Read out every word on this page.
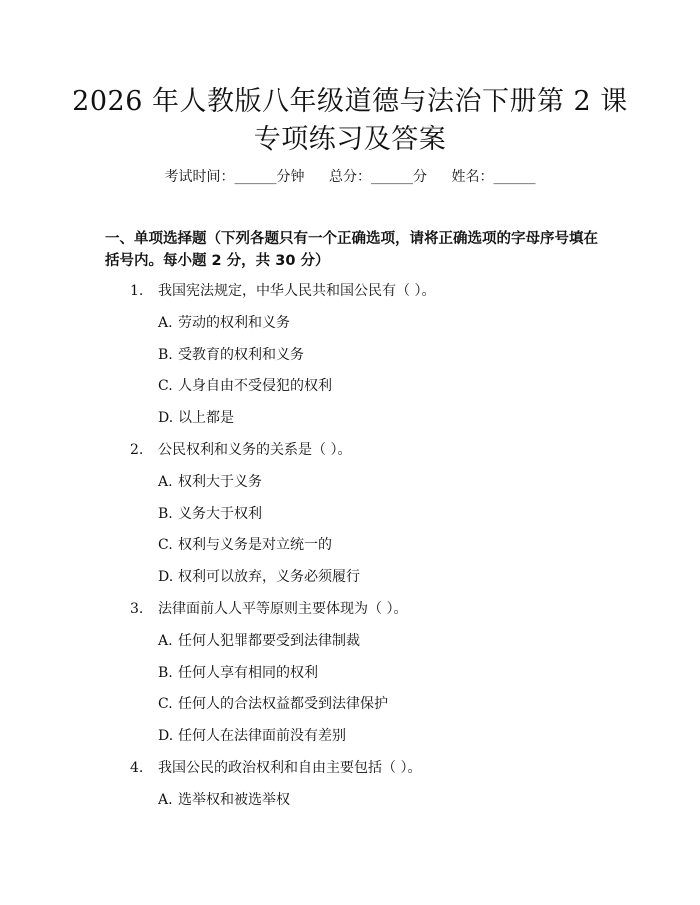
2026 年人教版八年级道德与法治下册第 2 课
专项练习及答案
考试时间：______分钟 总分：______分 姓名：______
一、单项选择题（下列各题只有一个正确选项，请将正确选项的字母序号填在括号内。每小题 2 分，共 30 分）
1. 我国宪法规定，中华人民共和国公民有（ ）。
A. 劳动的权利和义务
B. 受教育的权利和义务
C. 人身自由不受侵犯的权利
D. 以上都是
2. 公民权利和义务的关系是（ ）。
A. 权利大于义务
B. 义务大于权利
C. 权利与义务是对立统一的
D. 权利可以放弃，义务必须履行
3. 法律面前人人平等原则主要体现为（ ）。
A. 任何人犯罪都要受到法律制裁
B. 任何人享有相同的权利
C. 任何人的合法权益都受到法律保护
D. 任何人在法律面前没有差别
4. 我国公民的政治权利和自由主要包括（ ）。
A. 选举权和被选举权
